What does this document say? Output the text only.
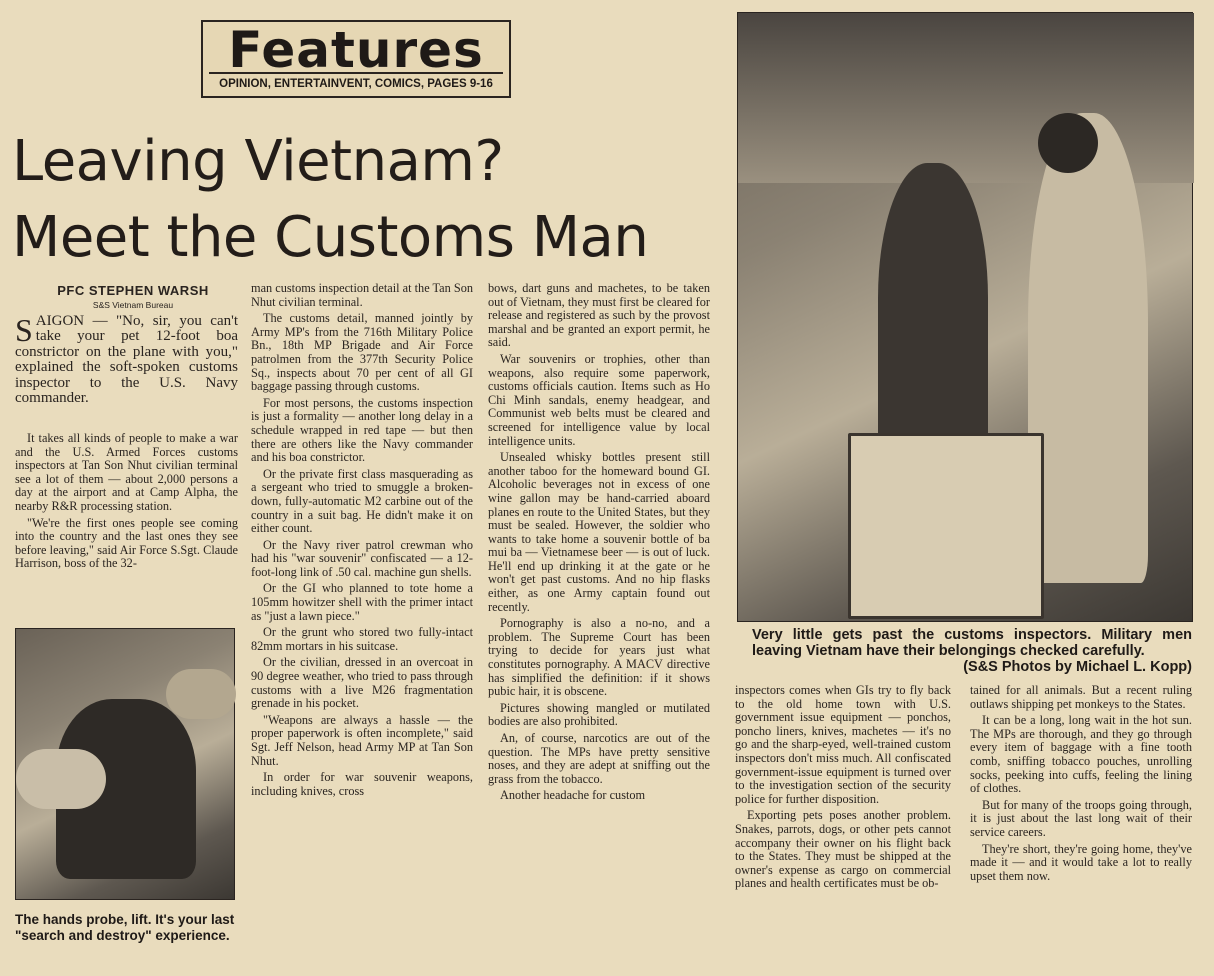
Features
OPINION, ENTERTAINVENT, COMICS, PAGES 9-16
Leaving Vietnam?
Meet the Customs Man
PFC STEPHEN WARSH
S&S Vietnam Bureau
SAIGON — "No, sir, you can't take your pet 12-foot boa constrictor on the plane with you," explained the soft-spoken customs inspector to the U.S. Navy commander.

It takes all kinds of people to make a war and the U.S. Armed Forces customs inspectors at Tan Son Nhut civilian terminal see a lot of them — about 2,000 persons a day at the airport and at Camp Alpha, the nearby R&R processing station.

"We're the first ones people see coming into the country and the last ones they see before leaving," said Air Force S.Sgt. Claude Harrison, boss of the 32-

The hands probe, lift. It's your last "search and destroy" experience.

man customs inspection detail at the Tan Son Nhut civilian terminal.

The customs detail, manned jointly by Army MP's from the 716th Military Police Bn., 18th MP Brigade and Air Force patrolmen from the 377th Security Police Sq., inspects about 70 per cent of all GI baggage passing through customs.

For most persons, the customs inspection is just a formality — another long delay in a schedule wrapped in red tape — but then there are others like the Navy commander and his boa constrictor.

Or the private first class masquerading as a sergeant who tried to smuggle a broken-down, fully-automatic M2 carbine out of the country in a suit bag. He didn't make it on either count.

Or the Navy river patrol crewman who had his "war souvenir" confiscated — a 12-foot-long link of .50 cal. machine gun shells.

Or the GI who planned to tote home a 105mm howitzer shell with the primer intact as "just a lawn piece."

Or the grunt who stored two fully-intact 82mm mortars in his suitcase.

Or the civilian, dressed in an overcoat in 90 degree weather, who tried to pass through customs with a live M26 fragmentation grenade in his pocket.

"Weapons are always a hassle — the proper paperwork is often incomplete," said Sgt. Jeff Nelson, head Army MP at Tan Son Nhut.

In order for war souvenir weapons, including knives, cross

bows, dart guns and machetes, to be taken out of Vietnam, they must first be cleared for release and registered as such by the provost marshal and be granted an export permit, he said.

War souvenirs or trophies, other than weapons, also require some paperwork, customs officials caution. Items such as Ho Chi Minh sandals, enemy headgear, and Communist web belts must be cleared and screened for intelligence value by local intelligence units.

Unsealed whisky bottles present still another taboo for the homeward bound GI. Alcoholic beverages not in excess of one wine gallon may be hand-carried aboard planes en route to the United States, but they must be sealed. However, the soldier who wants to take home a souvenir bottle of ba mui ba — Vietnamese beer — is out of luck. He'll end up drinking it at the gate or he won't get past customs. And no hip flasks either, as one Army captain found out recently.

Pornography is also a no-no, and a problem. The Supreme Court has been trying to decide for years just what constitutes pornography. A MACV directive has simplified the definition: if it shows pubic hair, it is obscene.

Pictures showing mangled or mutilated bodies are also prohibited.

An, of course, narcotics are out of the question. The MPs have pretty sensitive noses, and they are adept at sniffing out the grass from the tobacco.

Another headache for custom

Very little gets past the customs inspectors. Military men leaving Vietnam have their belongings checked carefully.
(S&S Photos by Michael L. Kopp)

inspectors comes when GIs try to fly back to the old home town with U.S. government issue equipment — ponchos, poncho liners, knives, machetes — it's no go and the sharp-eyed, well-trained custom inspectors don't miss much. All confiscated government-issue equipment is turned over to the investigation section of the security police for further disposition.

Exporting pets poses another problem. Snakes, parrots, dogs, or other pets cannot accompany their owner on his flight back to the States. They must be shipped at the owner's expense as cargo on commercial planes and health certificates must be ob-

tained for all animals. But a recent ruling outlaws shipping pet monkeys to the States.

It can be a long, long wait in the hot sun. The MPs are thorough, and they go through every item of baggage with a fine tooth comb, sniffing tobacco pouches, unrolling socks, peeking into cuffs, feeling the lining of clothes.

But for many of the troops going through, it is just about the last long wait of their service careers.

They're short, they're going home, they've made it — and it would take a lot to really upset them now.
